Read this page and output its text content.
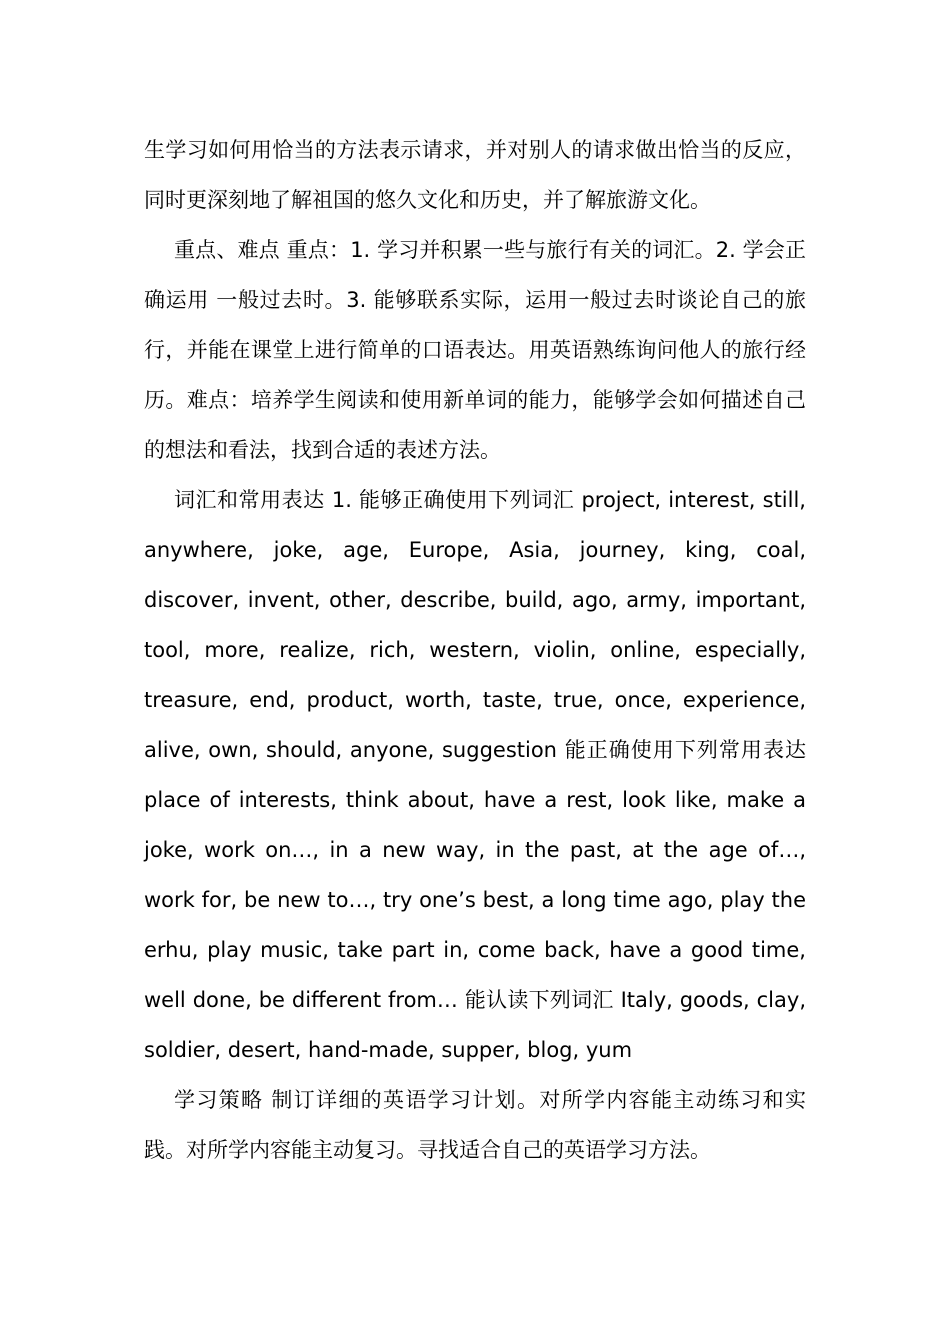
生学习如何用恰当的方法表示请求，并对别人的请求做出恰当的反应，同时更深刻地了解祖国的悠久文化和历史，并了解旅游文化。

重点、难点 重点：1. 学习并积累一些与旅行有关的词汇。2. 学会正确运用 一般过去时。3. 能够联系实际，运用一般过去时谈论自己的旅行，并能在课堂上进行简单的口语表达。用英语熟练询问他人的旅行经历。难点：培养学生阅读和使用新单词的能力，能够学会如何描述自己的想法和看法，找到合适的表述方法。

词汇和常用表达 1. 能够正确使用下列词汇 project, interest, still, anywhere, joke, age, Europe, Asia, journey, king, coal, discover, invent, other, describe, build, ago, army, important, tool, more, realize, rich, western, violin, online, especially, treasure, end, product, worth, taste, true, once, experience, alive, own, should, anyone, suggestion 能正确使用下列常用表达 place of interests, think about, have a rest, look like, make a joke, work on…, in a new way, in the past, at the age of…, work for, be new to…, try one’s best, a long time ago, play the erhu, play music, take part in, come back, have a good time, well done, be different from… 能认读下列词汇 Italy, goods, clay, soldier, desert, hand-made, supper, blog, yum

学习策略 制订详细的英语学习计划。对所学内容能主动练习和实践。对所学内容能主动复习。寻找适合自己的英语学习方法。
